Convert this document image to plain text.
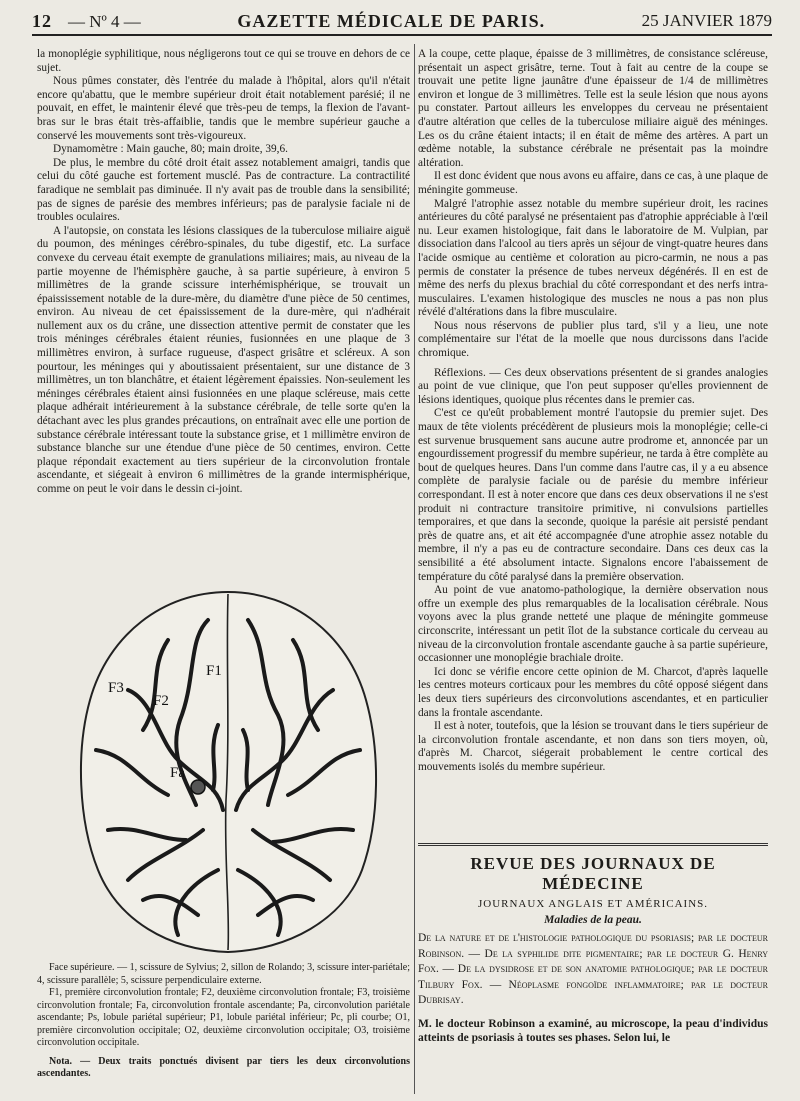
12 — Nº 4 —	GAZETTE MÉDICALE DE PARIS.	25 JANVIER 1879

la monoplégie syphilitique, nous négligerons tout ce qui se trouve en dehors de ce sujet.

Nous pûmes constater, dès l'entrée du malade à l'hôpital, alors qu'il n'était encore qu'abattu, que le membre supérieur droit était notablement parésié; il ne pouvait, en effet, le maintenir élevé que très-peu de temps, la flexion de l'avant-bras sur le bras était très-affaiblie, tandis que le membre supérieur gauche a conservé les mouvements sont très-vigoureux.

Dynamomètre : Main gauche, 80; main droite, 39,6.

De plus, le membre du côté droit était assez notablement amaigri, tandis que celui du côté gauche est fortement musclé. Pas de contracture. La contractilité faradique ne semblait pas diminuée. Il n'y avait pas de trouble dans la sensibilité; pas de signes de parésie des membres inférieurs; pas de paralysie faciale ni de troubles oculaires.

A l'autopsie, on constata les lésions classiques de la tuberculose miliaire aiguë du poumon, des méninges cérébro-spinales, du tube digestif, etc. La surface convexe du cerveau était exempte de granulations miliaires; mais, au niveau de la partie moyenne de l'hémisphère gauche, à sa partie supérieure, à environ 5 millimètres de la grande scissure interhémisphérique, se trouvait un épaississement notable de la dure-mère, du diamètre d'une pièce de 50 centimes, environ. Au niveau de cet épaississement de la dure-mère, qui n'adhérait nullement aux os du crâne, une dissection attentive permit de constater que les trois méninges cérébrales étaient réunies, fusionnées en une plaque de 3 millimètres environ, à surface rugueuse, d'aspect grisâtre et scléreux. A son pourtour, les méninges qui y aboutissaient présentaient, sur une distance de 3 millimètres, un ton blanchâtre, et étaient légèrement épaissies. Non-seulement les méninges cérébrales étaient ainsi fusionnées en une plaque scléreuse, mais cette plaque adhérait intérieurement à la substance cérébrale, de telle sorte qu'en la détachant avec les plus grandes précautions, on entraînait avec elle une portion de substance cérébrale intéressant toute la substance grise, et 1 millimètre environ de substance blanche sur une étendue d'une pièce de 50 centimes, environ. Cette plaque répondait exactement au tiers supérieur de la circonvolution frontale ascendante, et siégeait à environ 6 millimètres de la grande intermisphérique, comme on peut le voir dans le dessin ci-joint.

F1
F2
F3
Fa

Face supérieure. — 1, scissure de Sylvius; 2, sillon de Rolando; 3, scissure inter-pariétale; 4, scissure parallèle; 5, scissure perpendiculaire externe.

F1, première circonvolution frontale; F2, deuxième circonvolution frontale; F3, troisième circonvolution frontale; Fa, circonvolution frontale ascendante; Pa, circonvolution pariétale ascendante; Ps, lobule pariétal supérieur; P1, lobule pariétal inférieur; Pc, pli courbe; O1, première circonvolution occipitale; O2, deuxième circonvolution occipitale; O3, troisième circonvolution occipitale.

Nota. — Deux traits ponctués divisent par tiers les deux circonvolutions ascendantes.

A la coupe, cette plaque, épaisse de 3 millimètres, de consistance scléreuse, présentait un aspect grisâtre, terne. Tout à fait au centre de la coupe se trouvait une petite ligne jaunâtre d'une épaisseur de 1/4 de millimètres environ et longue de 3 millimètres. Telle est la seule lésion que nous ayons pu constater. Partout ailleurs les enveloppes du cerveau ne présentaient d'autre altération que celles de la tuberculose miliaire aiguë des méninges. Les os du crâne étaient intacts; il en était de même des artères. A part un œdème notable, la substance cérébrale ne présentait pas la moindre altération.

Il est donc évident que nous avons eu affaire, dans ce cas, à une plaque de méningite gommeuse.

Malgré l'atrophie assez notable du membre supérieur droit, les racines antérieures du côté paralysé ne présentaient pas d'atrophie appréciable à l'œil nu. Leur examen histologique, fait dans le laboratoire de M. Vulpian, par dissociation dans l'alcool au tiers après un séjour de vingt-quatre heures dans l'acide osmique au centième et coloration au picro-carmin, ne nous a pas permis de constater la présence de tubes nerveux dégénérés. Il en est de même des nerfs du plexus brachial du côté correspondant et des nerfs intra-musculaires. L'examen histologique des muscles ne nous a pas non plus révélé d'altérations dans la fibre musculaire.

Nous nous réservons de publier plus tard, s'il y a lieu, une note complémentaire sur l'état de la moelle que nous durcissons dans l'acide chromique.

Réflexions. — Ces deux observations présentent de si grandes analogies au point de vue clinique, que l'on peut supposer qu'elles proviennent de lésions identiques, quoique plus récentes dans le premier cas.

C'est ce qu'eût probablement montré l'autopsie du premier sujet. Des maux de tête violents précédèrent de plusieurs mois la monoplégie; celle-ci est survenue brusquement sans aucune autre prodrome et, annoncée par un engourdissement progressif du membre supérieur, ne tarda à être complète au bout de quelques heures. Dans l'un comme dans l'autre cas, il y a eu absence complète de paralysie faciale ou de parésie du membre inférieur correspondant. Il est à noter encore que dans ces deux observations il ne s'est produit ni contracture transitoire primitive, ni convulsions partielles temporaires, et que dans la seconde, quoique la parésie ait persisté pendant près de quatre ans, et ait été accompagnée d'une atrophie assez notable du membre, il n'y a pas eu de contracture secondaire. Dans ces deux cas la sensibilité a été absolument intacte. Signalons encore l'abaissement de température du côté paralysé dans la première observation.

Au point de vue anatomo-pathologique, la dernière observation nous offre un exemple des plus remarquables de la localisation cérébrale. Nous voyons avec la plus grande netteté une plaque de méningite gommeuse circonscrite, intéressant un petit îlot de la substance corticale du cerveau au niveau de la circonvolution frontale ascendante gauche à sa partie supérieure, occasionner une monoplégie brachiale droite.

Ici donc se vérifie encore cette opinion de M. Charcot, d'après laquelle les centres moteurs corticaux pour les membres du côté opposé siégent dans les deux tiers supérieurs des circonvolutions ascendantes, et en particulier dans la frontale ascendante.

Il est à noter, toutefois, que la lésion se trouvant dans le tiers supérieur de la circonvolution frontale ascendante, et non dans son tiers moyen, où, d'après M. Charcot, siégerait probablement le centre cortical des mouvements isolés du membre supérieur.

REVUE DES JOURNAUX DE MÉDECINE
JOURNAUX ANGLAIS ET AMÉRICAINS.
Maladies de la peau.
De la nature et de l'histologie pathologique du psoriasis; par le docteur Robinson. — De la syphilide dite pigmentaire; par le docteur G. Henry Fox. — De la dysidrose et de son anatomie pathologique; par le docteur Tilbury Fox. — Néoplasme fongoïde inflammatoire; par le docteur Dubrisay.
M. le docteur Robinson a examiné, au microscope, la peau d'individus atteints de psoriasis à toutes ses phases. Selon lui, le
